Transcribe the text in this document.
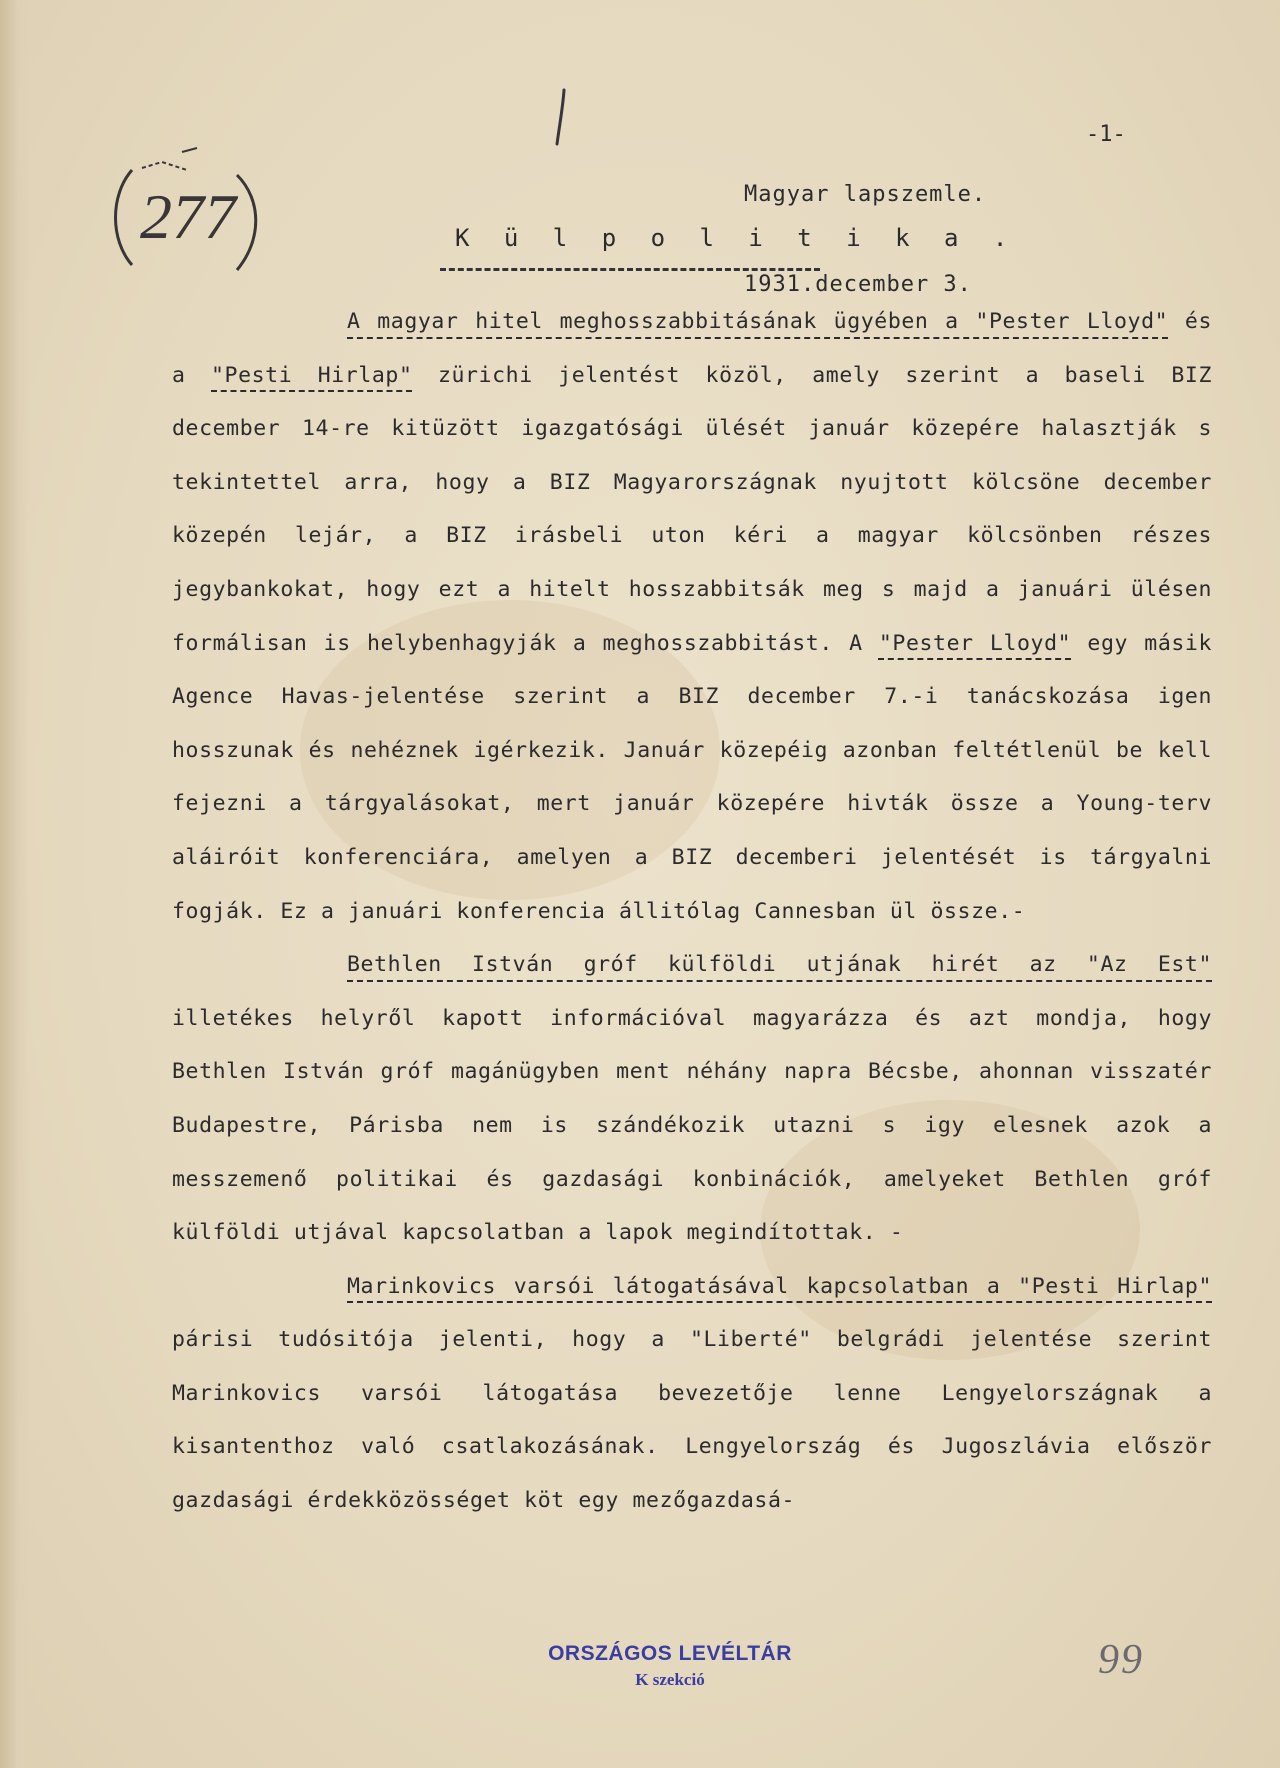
277

	Magyar lapszemle.

1931.december 3.

-1-
K ü l p o l i t i k a .

A magyar hitel meghosszabbitásának ügyében a "Pester Lloyd" és a "Pesti Hirlap" zürichi jelentést közöl, amely szerint a baseli BIZ december 14-re kitüzött igazgatósági ülését január közepére halasztják s tekintettel arra, hogy a BIZ Magyarországnak nyujtott kölcsöne december közepén lejár, a BIZ irásbeli uton kéri a magyar kölcsönben részes jegybankokat, hogy ezt a hitelt hosszabbitsák meg s majd a januári ülésen formálisan is helybenhagyják a meghosszabbitást. A "Pester Lloyd" egy másik Agence Havas-jelentése szerint a BIZ december 7.-i tanácskozása igen hosszunak és nehéznek igérkezik. Január közepéig azonban feltétlenül be kell fejezni a tárgyalásokat, mert január közepére hivták össze a Young-terv aláiróit konferenciára, amelyen a BIZ decemberi jelentését is tárgyalni fogják. Ez a januári konferencia állitólag Cannesban ül össze.-

Bethlen István gróf külföldi utjának hirét az "Az Est" illetékes helyről kapott információval magyarázza és azt mondja, hogy Bethlen István gróf magánügyben ment néhány napra Bécsbe, ahonnan visszatér Budapestre, Párisba nem is szándékozik utazni s igy elesnek azok a messzemenő politikai és gazdasági konbinációk, amelyeket Bethlen gróf külföldi utjával kapcsolatban a lapok megindítottak. -

Marinkovics varsói látogatásával kapcsolatban a "Pesti Hirlap" párisi tudósitója jelenti, hogy a "Liberté" belgrádi jelentése szerint Marinkovics varsói látogatása bevezetője lenne Lengyelországnak a kisantenthoz való csatlakozásának. Lengyelország és Jugoszlávia először gazdasági érdekközösséget köt egy mezőgazdasá-

ORSZÁGOS LEVÉLTÁR
K szekció	99
